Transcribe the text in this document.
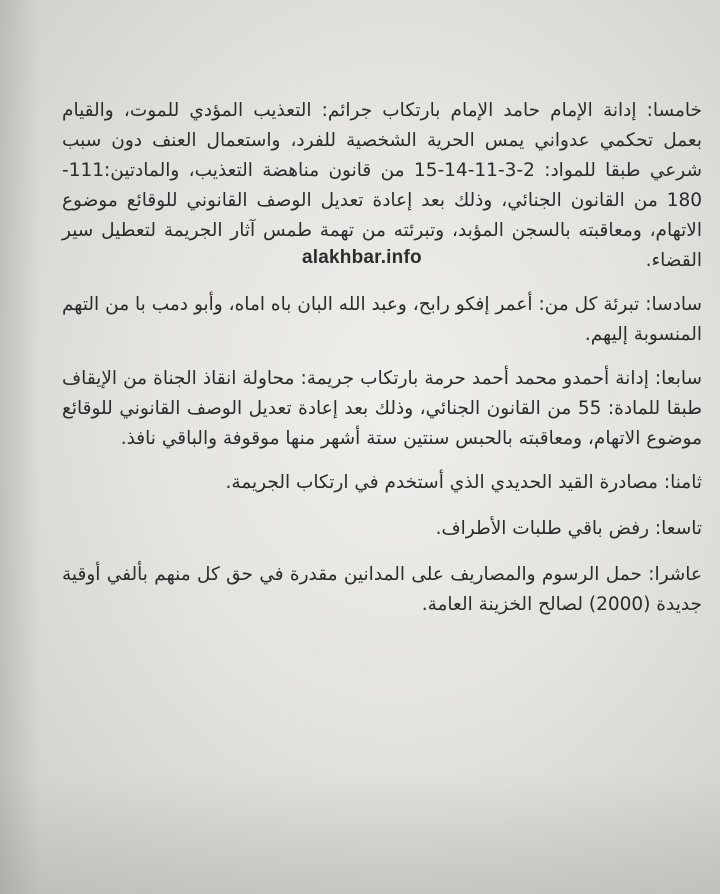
خامسا: إدانة الإمام حامد الإمام بارتكاب جرائم: التعذيب المؤدي للموت، والقيام بعمل تحكمي عدواني يمس الحرية الشخصية للفرد، واستعمال العنف دون سبب شرعي طبقا للمواد: 2-3-11-14-15 من قانون مناهضة التعذيب، والمادتين:111-180 من القانون الجنائي، وذلك بعد إعادة تعديل الوصف القانوني للوقائع موضوع الاتهام، ومعاقبته بالسجن المؤبد، وتبرئته من تهمة طمس آثار الجريمة لتعطيل سير القضاء.

سادسا: تبرئة كل من: أعمر إفكو رابح، وعبد الله البان باه اماه، وأبو دمب با من التهم المنسوبة إليهم.

سابعا: إدانة أحمدو محمد أحمد حرمة بارتكاب جريمة: محاولة انقاذ الجناة من الإيقاف طبقا للمادة: 55 من القانون الجنائي، وذلك بعد إعادة تعديل الوصف القانوني للوقائع موضوع الاتهام، ومعاقبته بالحبس سنتين ستة أشهر منها موقوفة والباقي نافذ.

ثامنا: مصادرة القيد الحديدي الذي أستخدم في ارتكاب الجريمة.

تاسعا: رفض باقي طلبات الأطراف.

عاشرا: حمل الرسوم والمصاريف على المدانين مقدرة في حق كل منهم بألفي أوقية جديدة (2000) لصالح الخزينة العامة.

alakhbar.info
